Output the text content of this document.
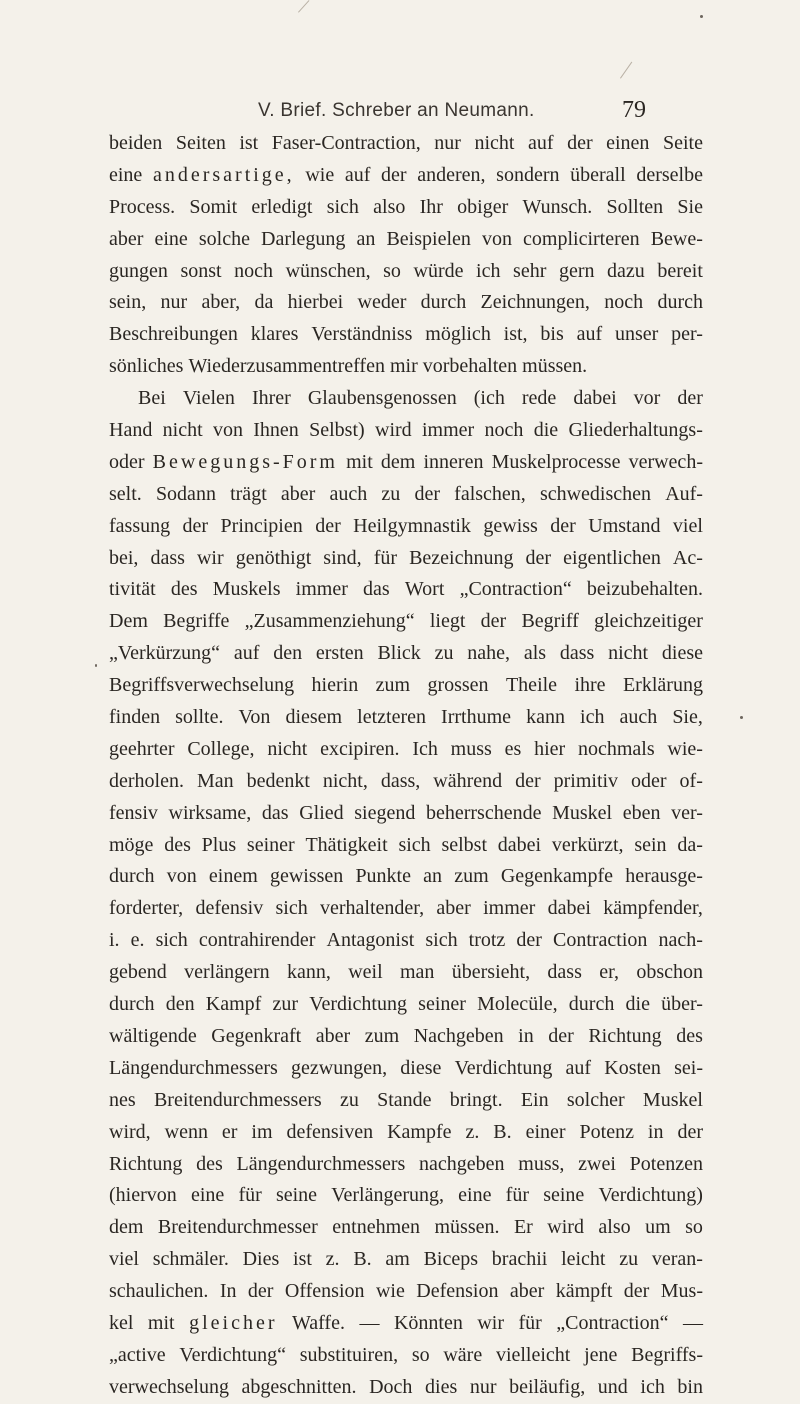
V. Brief. Schreber an Neumann.	79
beiden Seiten ist Faser-Contraction, nur nicht auf der einen Seite
eine andersartige, wie auf der anderen, sondern überall derselbe
Process. Somit erledigt sich also Ihr obiger Wunsch. Sollten Sie
aber eine solche Darlegung an Beispielen von complicirteren Bewe-
gungen sonst noch wünschen, so würde ich sehr gern dazu bereit
sein, nur aber, da hierbei weder durch Zeichnungen, noch durch
Beschreibungen klares Verständniss möglich ist, bis auf unser per-
sönliches
Wiederzusammentreffen
mir
vorbehalten
müssen.
Bei Vielen Ihrer Glaubensgenossen (ich rede dabei vor der
Hand nicht von Ihnen Selbst) wird immer noch die Gliederhaltungs-
oder Bewegungs-Form mit dem inneren Muskelprocesse verwech-
selt. Sodann trägt aber auch zu der falschen, schwedischen Auf-
fassung der Principien der Heilgymnastik gewiss der Umstand viel
bei, dass wir genöthigt sind, für Bezeichnung der eigentlichen Ac-
tivität des Muskels immer das Wort „Contraction“ beizubehalten.
Dem Begriffe „Zusammenziehung“ liegt der Begriff gleichzeitiger
„Verkürzung“ auf den ersten Blick zu nahe, als dass nicht diese
Begriffsverwechselung hierin zum grossen Theile ihre Erklärung
finden sollte. Von diesem letzteren Irrthume kann ich auch Sie,
geehrter College, nicht excipiren. Ich muss es hier nochmals wie-
derholen. Man bedenkt nicht, dass, während der primitiv oder of-
fensiv wirksame, das Glied siegend beherrschende Muskel eben ver-
möge des Plus seiner Thätigkeit sich selbst dabei verkürzt, sein da-
durch von einem gewissen Punkte an zum Gegenkampfe herausge-
forderter, defensiv sich verhaltender, aber immer dabei kämpfender,
i. e. sich contrahirender Antagonist sich trotz der Contraction nach-
gebend verlängern kann, weil man übersieht, dass er, obschon
durch den Kampf zur Verdichtung seiner Molecüle, durch die über-
wältigende Gegenkraft aber zum Nachgeben in der Richtung des
Längendurchmessers gezwungen, diese Verdichtung auf Kosten sei-
nes Breitendurchmessers zu Stande bringt. Ein solcher Muskel
wird, wenn er im defensiven Kampfe z. B. einer Potenz in der
Richtung des Längendurchmessers nachgeben muss, zwei Potenzen
(hiervon eine für seine Verlängerung, eine für seine Verdichtung)
dem Breitendurchmesser entnehmen müssen. Er wird also um so
viel schmäler. Dies ist z. B. am Biceps brachii leicht zu veran-
schaulichen. In der Offension wie Defension aber kämpft der Mus-
kel mit gleicher Waffe. — Könnten wir für „Contraction“ —
„active Verdichtung“ substituiren, so wäre vielleicht jene Begriffs-
verwechselung abgeschnitten. Doch dies nur beiläufig, und ich bin
